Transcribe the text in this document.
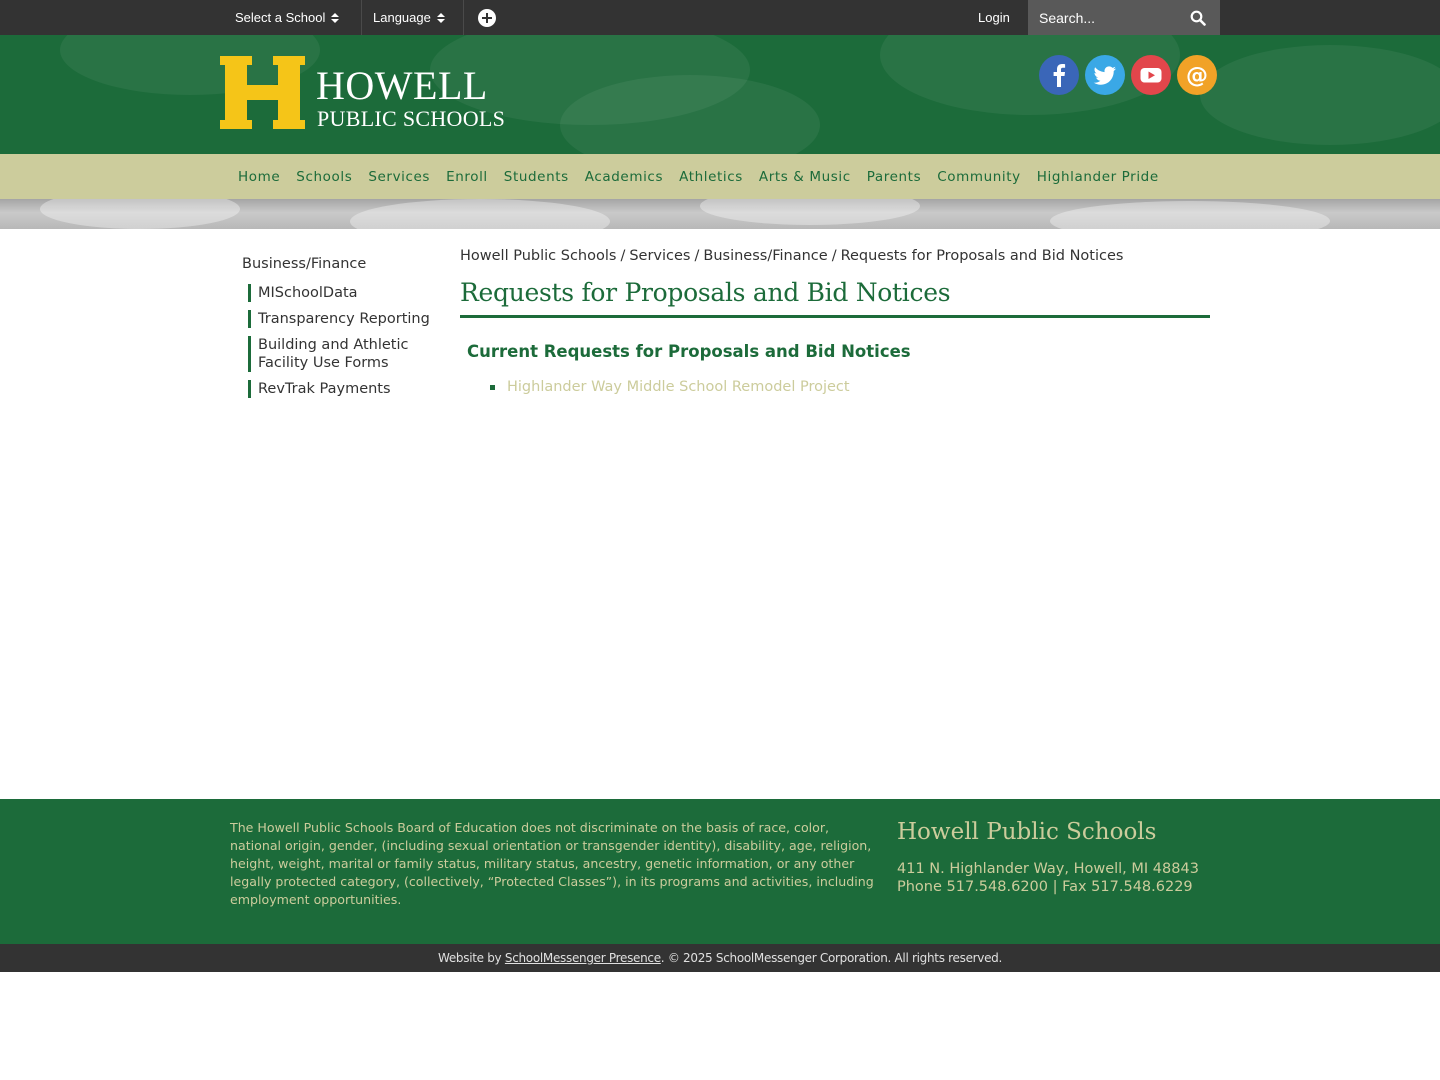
Select a School	Language	Login
Search...
HOWELL
PUBLIC SCHOOLS
@
Home	Schools	Services	Enroll	Students	Academics	Athletics	Arts & Music	Parents	Community	Highlander Pride
Business/Finance
MISchoolData
Transparency Reporting
Building and Athletic Facility Use Forms
RevTrak Payments
Howell Public Schools / Services / Business/Finance / Requests for Proposals and Bid Notices
Requests for Proposals and Bid Notices
Current Requests for Proposals and Bid Notices
Highlander Way Middle School Remodel Project
The Howell Public Schools Board of Education does not discriminate on the basis of race, color, national origin, gender, (including sexual orientation or transgender identity), disability, age, religion, height, weight, marital or family status, military status, ancestry, genetic information, or any other legally protected category, (collectively, “Protected Classes”), in its programs and activities, including employment opportunities.
Howell Public Schools
411 N. Highlander Way, Howell, MI 48843
Phone 517.548.6200 | Fax 517.548.6229
Website by SchoolMessenger Presence. © 2025 SchoolMessenger Corporation. All rights reserved.
